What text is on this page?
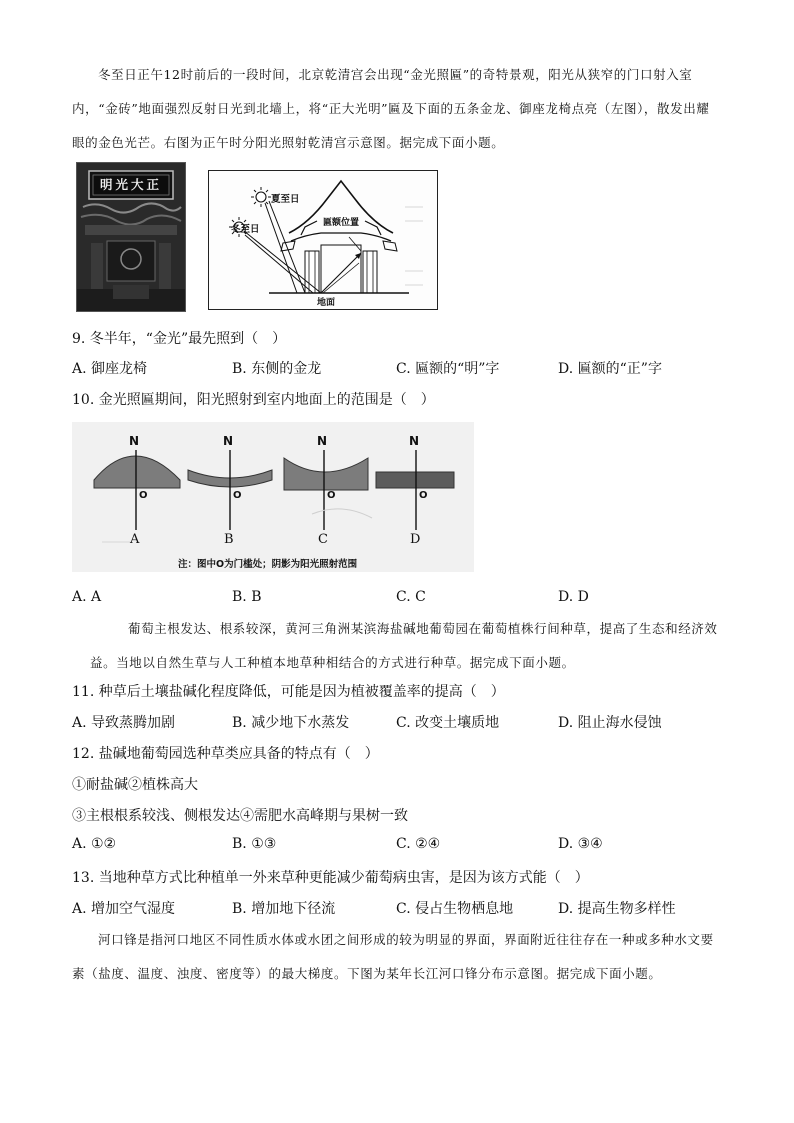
冬至日正午12时前后的一段时间，北京乾清宫会出现“金光照匾”的奇特景观，阳光从狭窄的门口射入室内，“金砖”地面强烈反射日光到北墙上，将“正大光明”匾及下面的五条金龙、御座龙椅点亮（左图），散发出耀眼的金色光芒。右图为正午时分阳光照射乾清宫示意图。据完成下面小题。
明光大正
夏至日
冬至日
匾额位置
地面
9. 冬半年，“金光”最先照到（　）
A. 御座龙椅	B. 东侧的金龙	C. 匾额的“明”字	D. 匾额的“正”字
10. 金光照匾期间，阳光照射到室内地面上的范围是（　）
N	N	N	N
O	O	O	O
A	B	C	D
注：图中O为门槛处；阴影为阳光照射范围
A. A	B. B	C. C	D. D
葡萄主根发达、根系较深，黄河三角洲某滨海盐碱地葡萄园在葡萄植株行间种草，提高了生态和经济效益。当地以自然生草与人工种植本地草种相结合的方式进行种草。据完成下面小题。
11. 种草后土壤盐碱化程度降低，可能是因为植被覆盖率的提高（　）
A. 导致蒸腾加剧	B. 减少地下水蒸发	C. 改变土壤质地	D. 阻止海水侵蚀
12. 盐碱地葡萄园选种草类应具备的特点有（　）
①耐盐碱②植株高大
③主根根系较浅、侧根发达④需肥水高峰期与果树一致
A. ①②	B. ①③	C. ②④	D. ③④
13. 当地种草方式比种植单一外来草种更能减少葡萄病虫害，是因为该方式能（　）
A. 增加空气湿度	B. 增加地下径流	C. 侵占生物栖息地	D. 提高生物多样性
河口锋是指河口地区不同性质水体或水团之间形成的较为明显的界面，界面附近往往存在一种或多种水文要素（盐度、温度、浊度、密度等）的最大梯度。下图为某年长江河口锋分布示意图。据完成下面小题。
